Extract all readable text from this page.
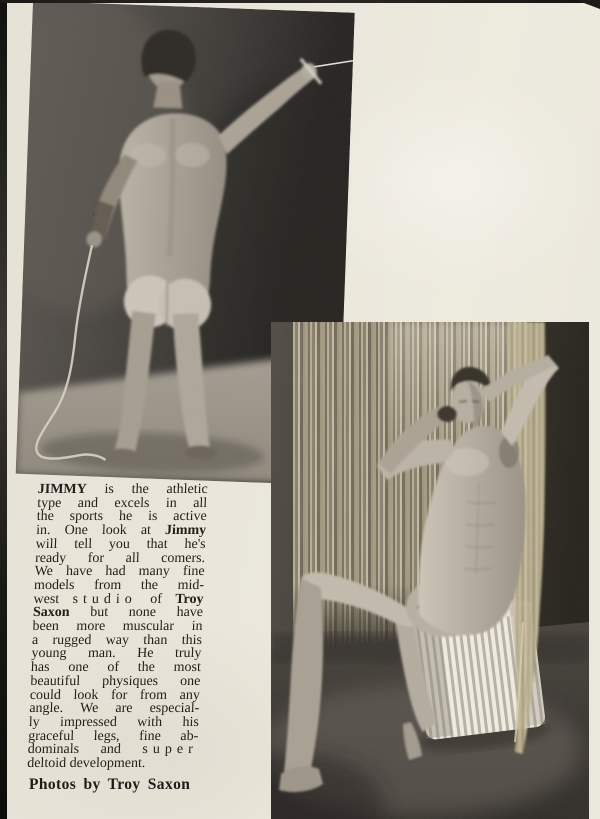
JIMMY is the athletic
type and excels in all
the sports he is active
in. One look at Jimmy
will tell you that he's
ready for all comers.
We have had many fine
models from the mid-
west studio of Troy
Saxon but none have
been more muscular in
a rugged way than this
young man. He truly
has one of the most
beautiful physiques one
could look for from any
angle. We are especial-
ly impressed with his
graceful legs, fine ab-
dominals and super
deltoid development.
Photos by Troy Saxon
